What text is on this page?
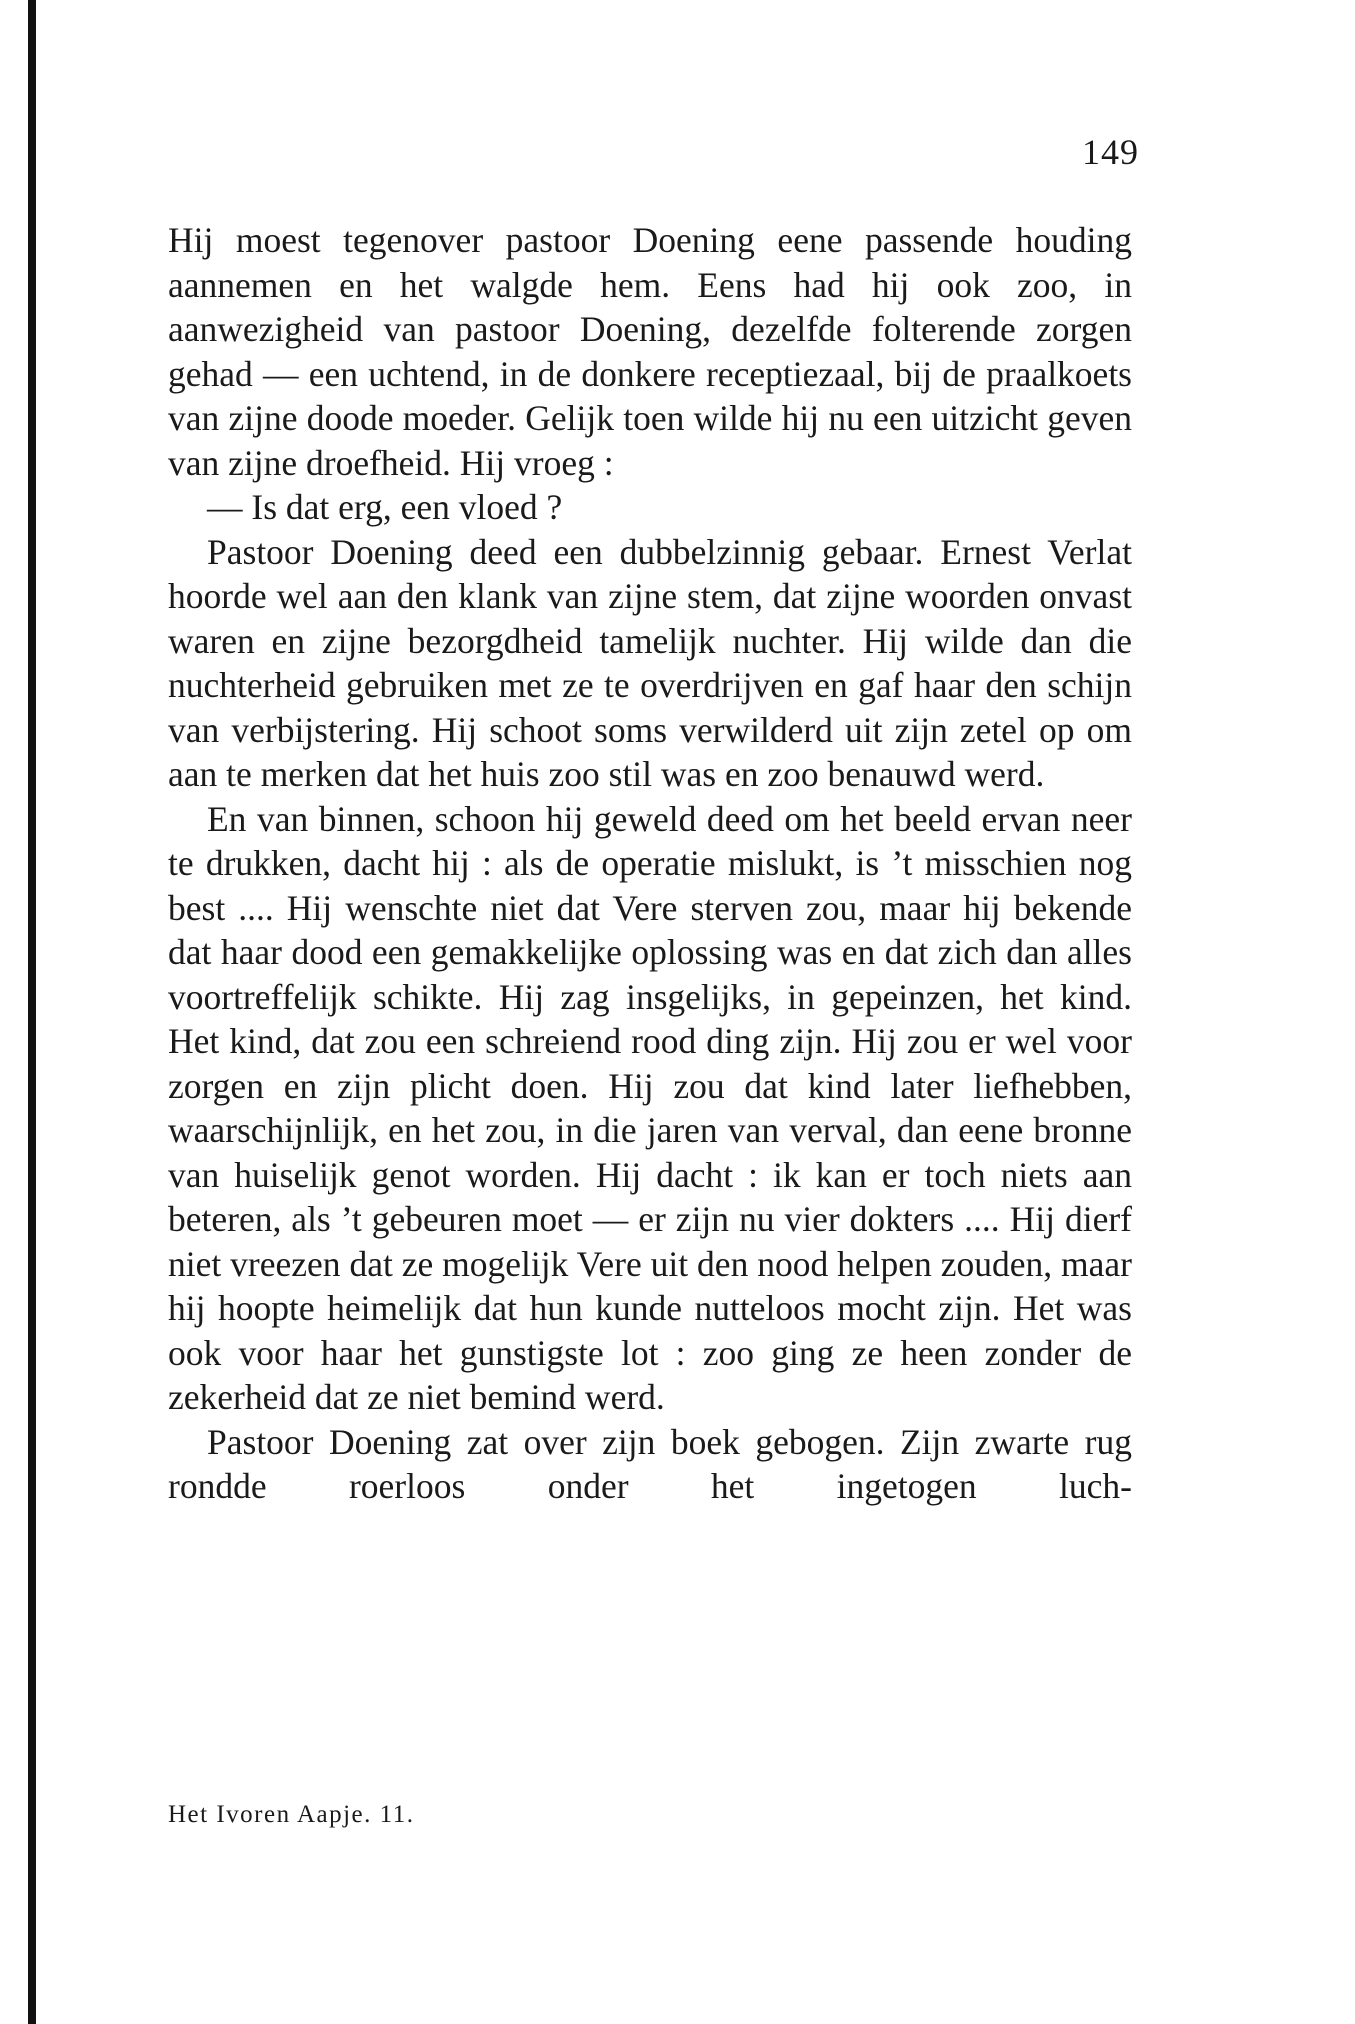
149

Hij moest tegenover pastoor Doening eene passende houding aannemen en het walgde hem. Eens had hij ook zoo, in aanwezigheid van pastoor Doening, dezelfde folterende zorgen gehad — een uchtend, in de donkere receptiezaal, bij de praalkoets van zijne doode moeder. Gelijk toen wilde hij nu een uitzicht geven van zijne droefheid. Hij vroeg :

— Is dat erg, een vloed ?

Pastoor Doening deed een dubbelzinnig gebaar. Ernest Verlat hoorde wel aan den klank van zijne stem, dat zijne woorden onvast waren en zijne bezorgdheid tamelijk nuchter. Hij wilde dan die nuchterheid gebruiken met ze te overdrijven en gaf haar den schijn van verbijstering. Hij schoot soms verwilderd uit zijn zetel op om aan te merken dat het huis zoo stil was en zoo benauwd werd.

En van binnen, schoon hij geweld deed om het beeld ervan neer te drukken, dacht hij : als de operatie mislukt, is ’t misschien nog best .... Hij wenschte niet dat Vere sterven zou, maar hij bekende dat haar dood een gemakkelijke oplossing was en dat zich dan alles voortreffelijk schikte. Hij zag insgelijks, in gepeinzen, het kind. Het kind, dat zou een schreiend rood ding zijn. Hij zou er wel voor zorgen en zijn plicht doen. Hij zou dat kind later liefhebben, waarschijnlijk, en het zou, in die jaren van verval, dan eene bronne van huiselijk genot worden. Hij dacht : ik kan er toch niets aan beteren, als ’t gebeuren moet — er zijn nu vier dokters .... Hij dierf niet vreezen dat ze mogelijk Vere uit den nood helpen zouden, maar hij hoopte heimelijk dat hun kunde nutteloos mocht zijn. Het was ook voor haar het gunstigste lot : zoo ging ze heen zonder de zekerheid dat ze niet bemind werd.

Pastoor Doening zat over zijn boek gebogen. Zijn zwarte rug rondde roerloos onder het ingetogen luch-

Het Ivoren Aapje. 11.
